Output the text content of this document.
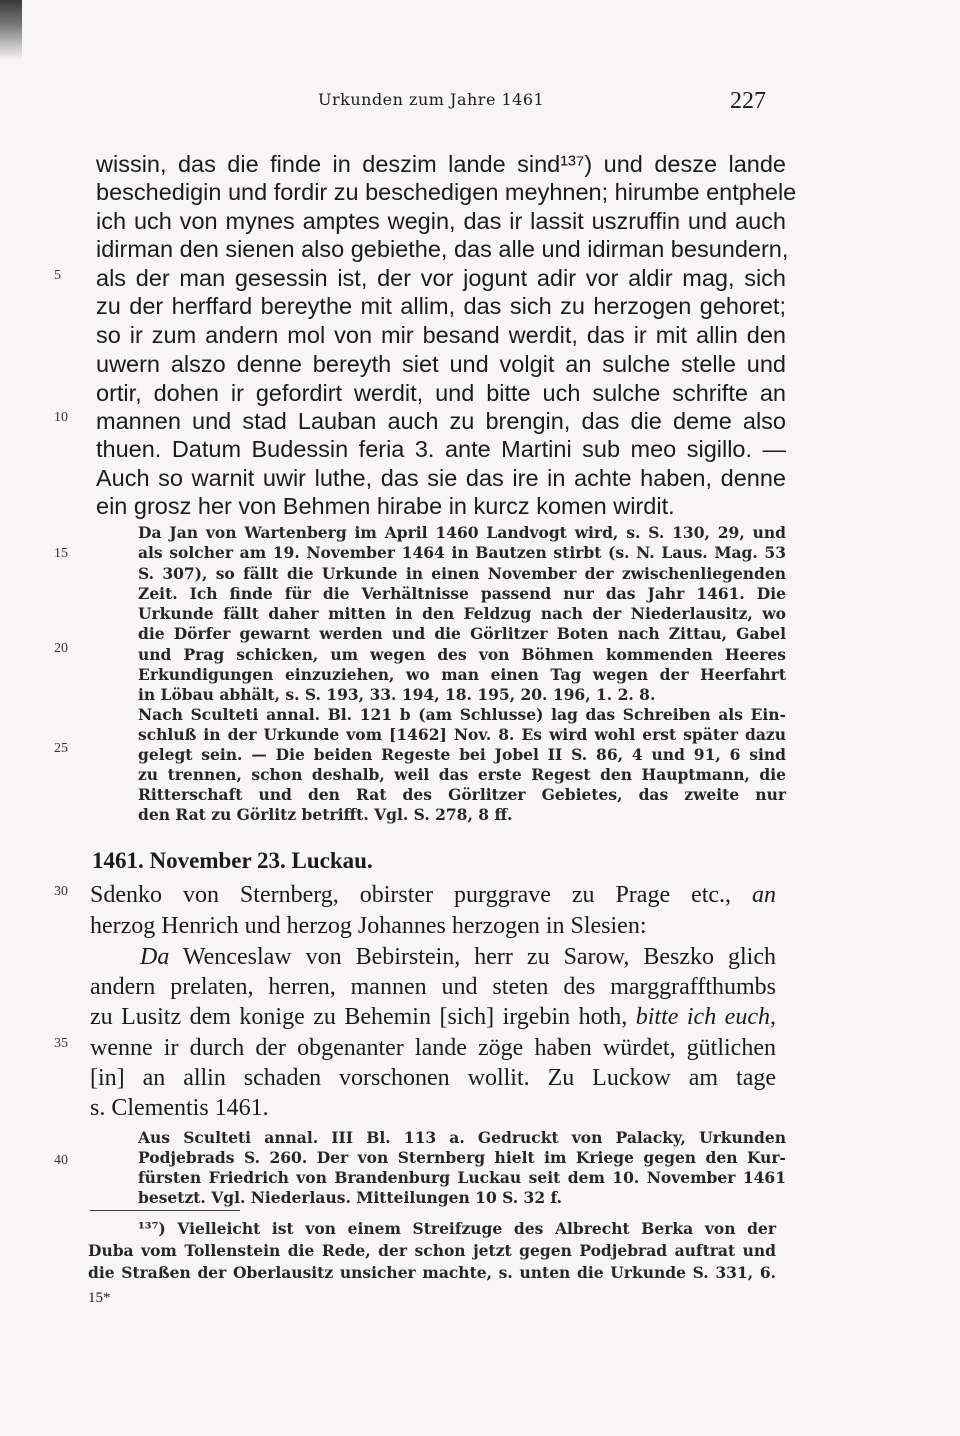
Urkunden zum Jahre 1461	227
wissin, das die finde in deszim lande sind¹³⁷) und desze lande
beschedigin und fordir zu beschedigen meyhnen; hirumbe entphele
ich uch von mynes amptes wegin, das ir lassit uszruffin und auch
idirman den sienen also gebiethe, das alle und idirman besundern,
als der man gesessin ist, der vor jogunt adir vor aldir mag, sich
zu der herffard bereythe mit allim, das sich zu herzogen gehoret;
so ir zum andern mol von mir besand werdit, das ir mit allin den
uwern alszo denne bereyth siet und volgit an sulche stelle und
ortir, dohen ir gefordirt werdit, und bitte uch sulche schrifte an
mannen und stad Lauban auch zu brengin, das die deme also
thuen. Datum Budessin feria 3. ante Martini sub meo sigillo. —
Auch so warnit uwir luthe, das sie das ire in achte haben, denne
ein grosz her von Behmen hirabe in kurcz komen wirdit.
Da Jan von Wartenberg im April 1460 Landvogt wird, s. S. 130, 29, und
als solcher am 19. November 1464 in Bautzen stirbt (s. N. Laus. Mag. 53
S. 307), so fällt die Urkunde in einen November der zwischenliegenden
Zeit. Ich finde für die Verhältnisse passend nur das Jahr 1461. Die
Urkunde fällt daher mitten in den Feldzug nach der Niederlausitz, wo
die Dörfer gewarnt werden und die Görlitzer Boten nach Zittau, Gabel
und Prag schicken, um wegen des von Böhmen kommenden Heeres
Erkundigungen einzuziehen, wo man einen Tag wegen der Heerfahrt
in Löbau abhält, s. S. 193, 33. 194, 18. 195, 20. 196, 1. 2. 8.
Nach Sculteti annal. Bl. 121 b (am Schlusse) lag das Schreiben als Ein-
schluß in der Urkunde vom [1462] Nov. 8. Es wird wohl erst später dazu
gelegt sein. — Die beiden Regeste bei Jobel II S. 86, 4 und 91, 6 sind
zu trennen, schon deshalb, weil das erste Regest den Hauptmann, die
Ritterschaft und den Rat des Görlitzer Gebietes, das zweite nur
den Rat zu Görlitz betrifft. Vgl. S. 278, 8 ff.
1461. November 23. Luckau.
Sdenko von Sternberg, obirster purggrave zu Prage etc., an
herzog Henrich und herzog Johannes herzogen in Slesien:
Da Wenceslaw von Bebirstein, herr zu Sarow, Beszko glich
andern prelaten, herren, mannen und steten des marggraffthumbs
zu Lusitz dem konige zu Behemin [sich] irgebin hoth, bitte ich euch,
wenne ir durch der obgenanter lande zöge haben würdet, gütlichen
[in] an allin schaden vorschonen wollit. Zu Luckow am tage
s. Clementis 1461.
Aus Sculteti annal. III Bl. 113 a. Gedruckt von Palacky, Urkunden
Podjebrads S. 260. Der von Sternberg hielt im Kriege gegen den Kur-
fürsten Friedrich von Brandenburg Luckau seit dem 10. November 1461
besetzt. Vgl. Niederlaus. Mitteilungen 10 S. 32 f.
¹³⁷) Vielleicht ist von einem Streifzuge des Albrecht Berka von der
Duba vom Tollenstein die Rede, der schon jetzt gegen Podjebrad auftrat und
die Straßen der Oberlausitz unsicher machte, s. unten die Urkunde S. 331, 6.
15*
5
10
15
20
25
30
35
40
